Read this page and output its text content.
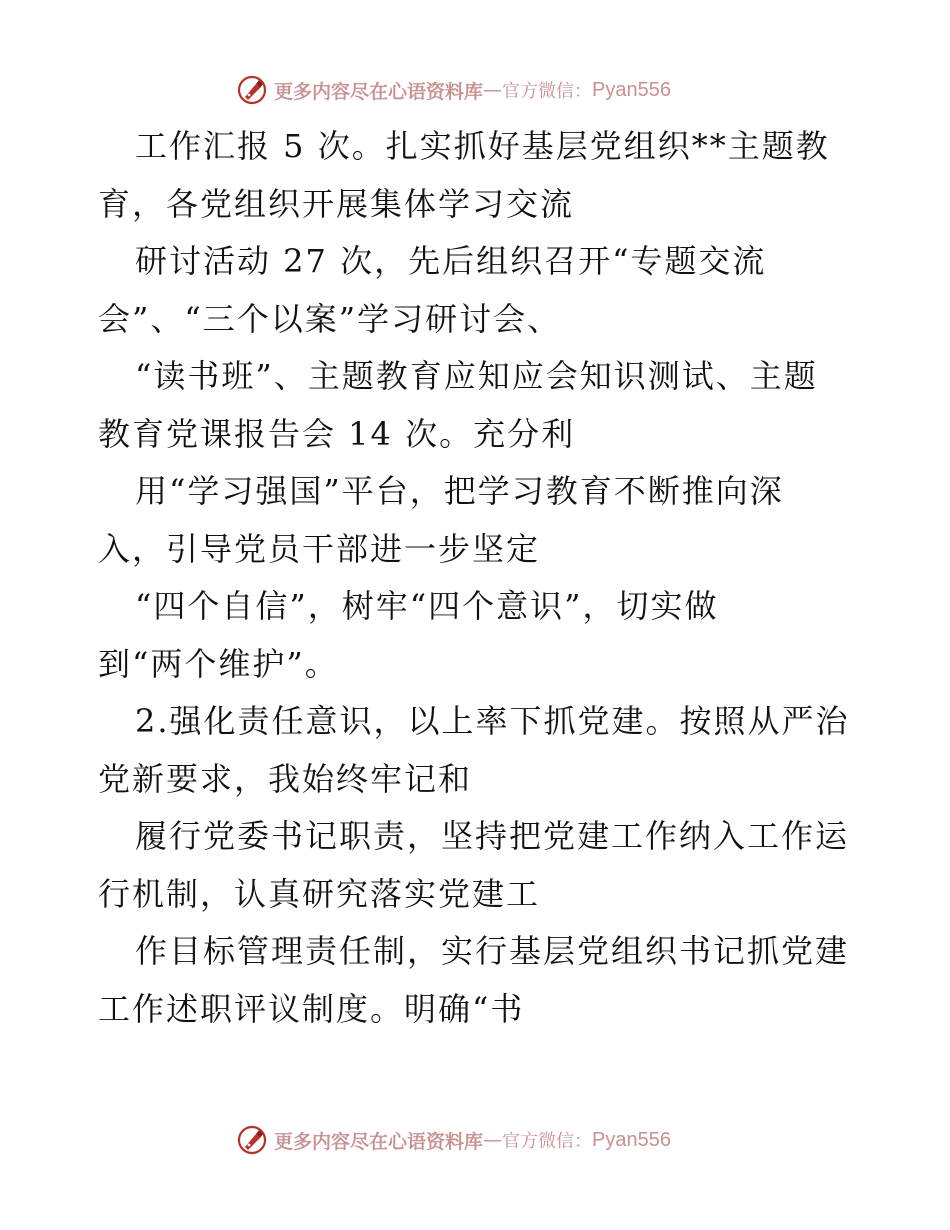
更多内容尽在心语资料库 — 官方微信： Pyan556
工作汇报 5 次。扎实抓好基层党组织**主题教
育，各党组织开展集体学习交流
研讨活动 27 次，先后组织召开“专题交流
会”、“三个以案”学习研讨会、
“读书班”、主题教育应知应会知识测试、主题
教育党课报告会 14 次。充分利
用“学习强国”平台，把学习教育不断推向深
入，引导党员干部进一步坚定
“四个自信”，树牢“四个意识”，切实做
到“两个维护”。
2.强化责任意识，以上率下抓党建。按照从严治
党新要求，我始终牢记和
履行党委书记职责，坚持把党建工作纳入工作运
行机制，认真研究落实党建工
作目标管理责任制，实行基层党组织书记抓党建
工作述职评议制度。明确“书
更多内容尽在心语资料库 — 官方微信： Pyan556
